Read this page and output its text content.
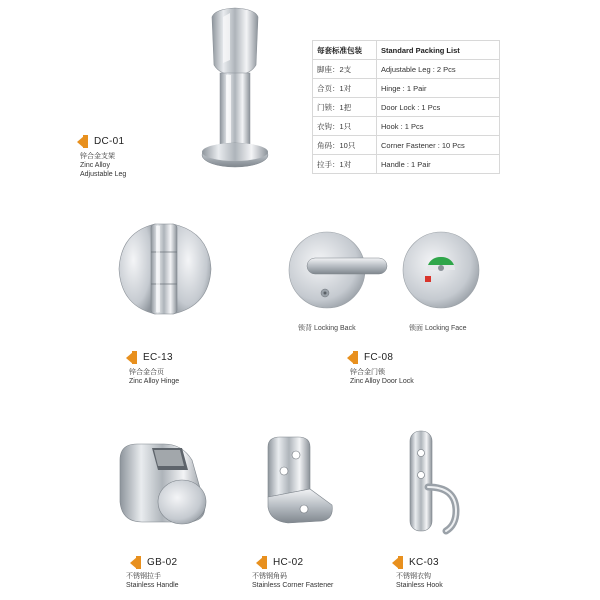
DC-01
锌合金支架
Zinc Alloy
Adjustable Leg
每套标准包装	Standard Packing List
脚座：2支	Adjustable Leg : 2 Pcs
合页：1对	Hinge : 1 Pair
门锁：1把	Door Lock : 1 Pcs
衣钩：1只	Hook : 1 Pcs
角码：10只	Corner Fastener : 10 Pcs
拉手：1对	Handle : 1 Pair
EC-13
锌合金合页
Zinc Alloy Hinge
锁背 Locking Back	锁面 Locking Face
FC-08
锌合金门锁
Zinc Alloy Door Lock
GB-02
不锈钢拉手
Stainless Handle
HC-02
不锈钢角码
Stainless Corner Fastener
KC-03
不锈钢衣钩
Stainless Hook
